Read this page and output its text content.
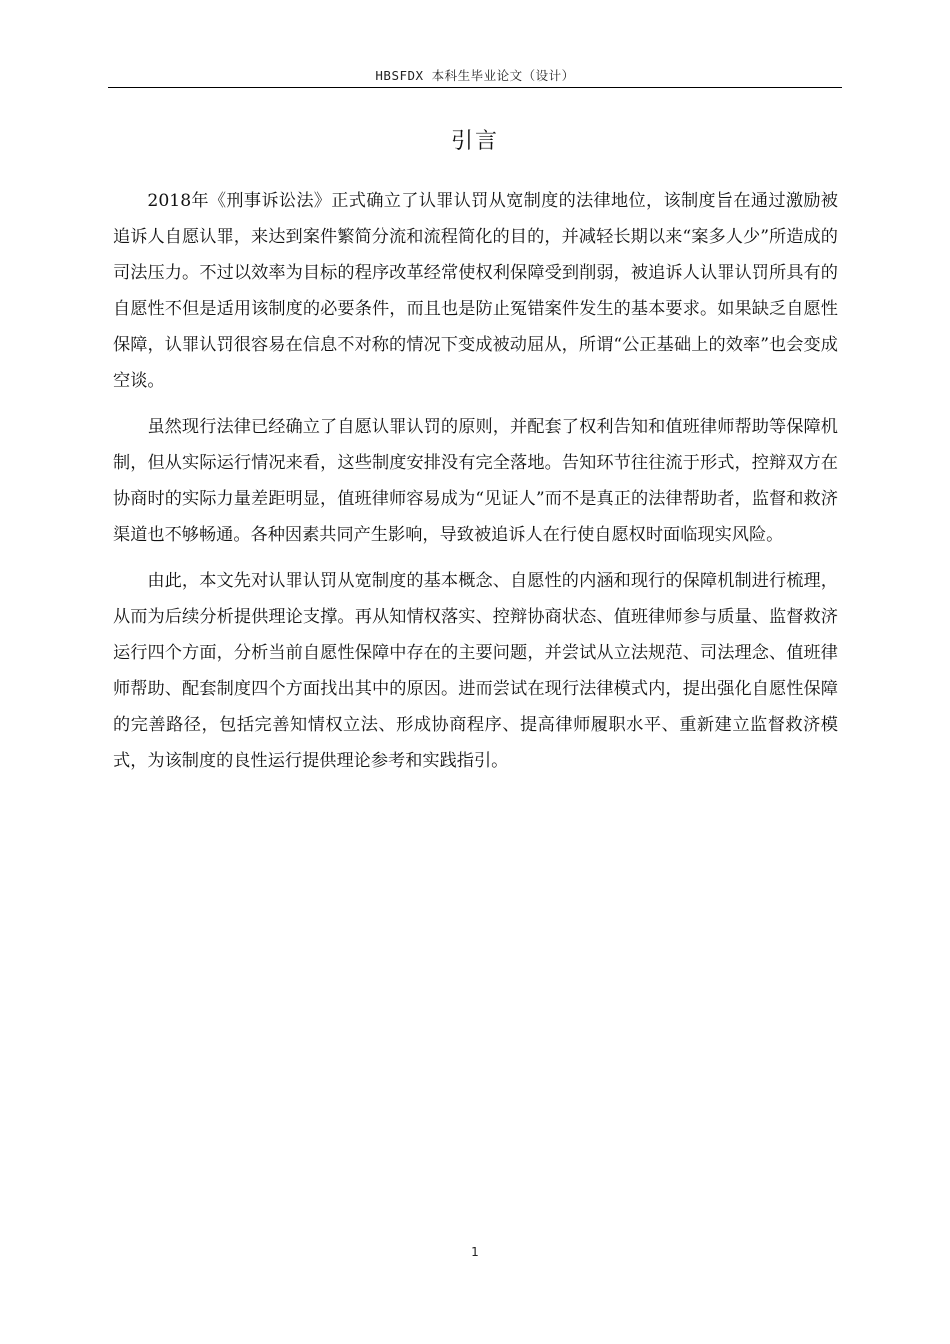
HBSFDX 本科生毕业论文（设计）
引言

2018年《刑事诉讼法》正式确立了认罪认罚从宽制度的法律地位，该制度旨在通过激励被追诉人自愿认罪，来达到案件繁简分流和流程简化的目的，并减轻长期以来“案多人少”所造成的司法压力。不过以效率为目标的程序改革经常使权利保障受到削弱，被追诉人认罪认罚所具有的自愿性不但是适用该制度的必要条件，而且也是防止冤错案件发生的基本要求。如果缺乏自愿性保障，认罪认罚很容易在信息不对称的情况下变成被动屈从，所谓“公正基础上的效率”也会变成空谈。

虽然现行法律已经确立了自愿认罪认罚的原则，并配套了权利告知和值班律师帮助等保障机制，但从实际运行情况来看，这些制度安排没有完全落地。告知环节往往流于形式，控辩双方在协商时的实际力量差距明显，值班律师容易成为“见证人”而不是真正的法律帮助者，监督和救济渠道也不够畅通。各种因素共同产生影响，导致被追诉人在行使自愿权时面临现实风险。

由此，本文先对认罪认罚从宽制度的基本概念、自愿性的内涵和现行的保障机制进行梳理，从而为后续分析提供理论支撑。再从知情权落实、控辩协商状态、值班律师参与质量、监督救济运行四个方面，分析当前自愿性保障中存在的主要问题，并尝试从立法规范、司法理念、值班律师帮助、配套制度四个方面找出其中的原因。进而尝试在现行法律模式内，提出强化自愿性保障的完善路径，包括完善知情权立法、形成协商程序、提高律师履职水平、重新建立监督救济模式，为该制度的良性运行提供理论参考和实践指引。

1
